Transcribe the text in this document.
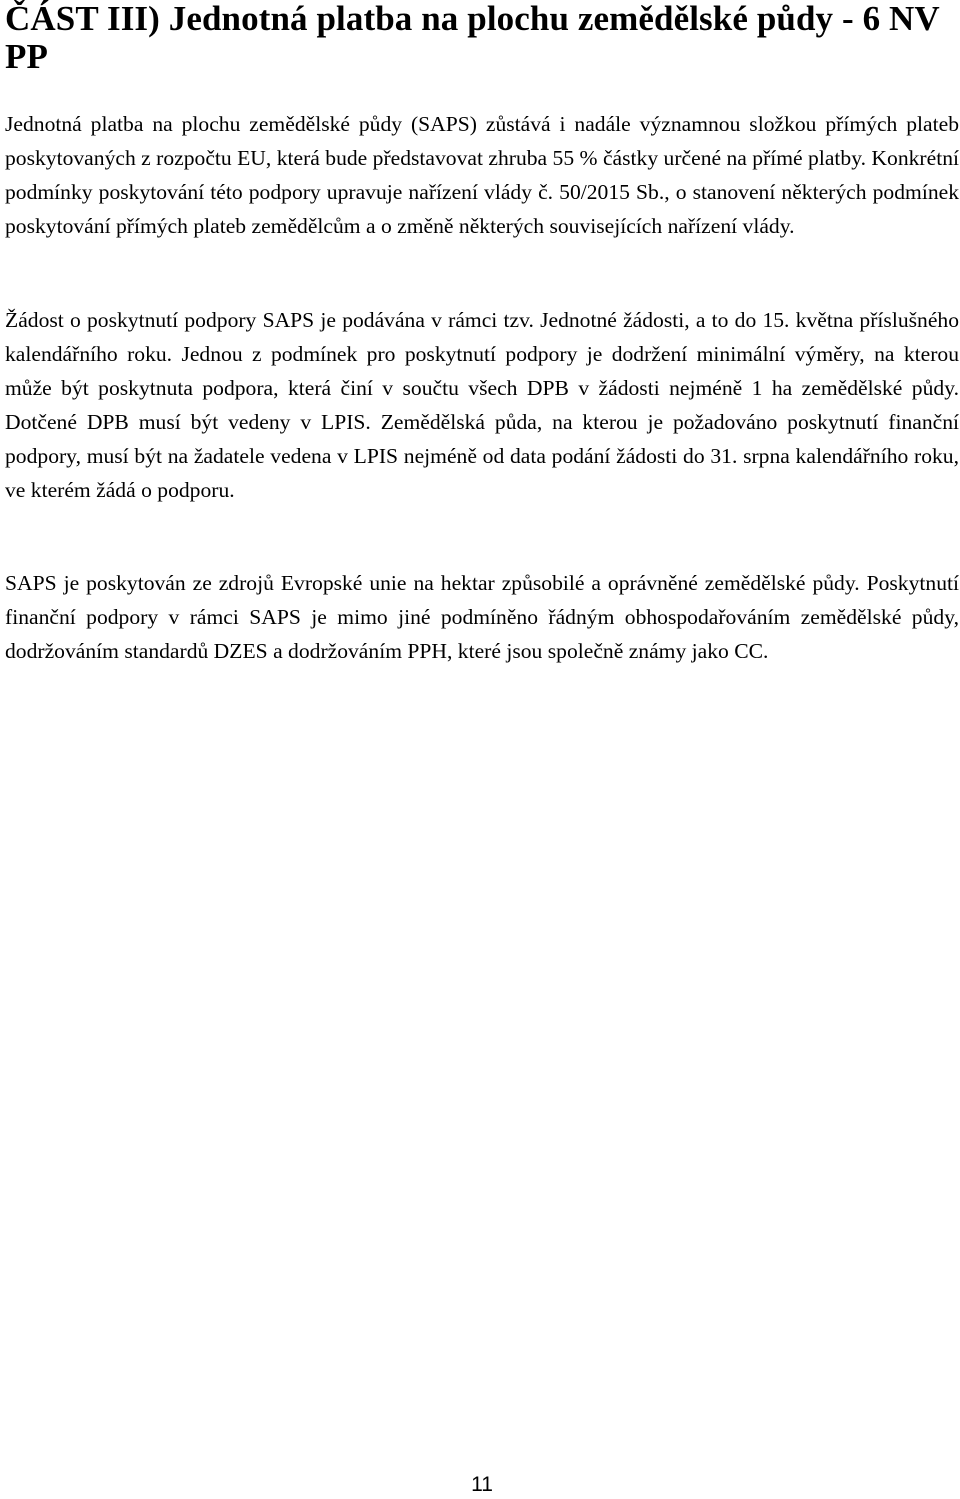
ČÁST III) Jednotná platba na plochu zemědělské půdy - 6 NV PP

Jednotná platba na plochu zemědělské půdy (SAPS) zůstává i nadále významnou složkou přímých plateb poskytovaných z rozpočtu EU, která bude představovat zhruba 55 % částky určené na přímé platby. Konkrétní podmínky poskytování této podpory upravuje nařízení vlády č. 50/2015 Sb., o stanovení některých podmínek poskytování přímých plateb zemědělcům a o změně některých souvisejících nařízení vlády.

Žádost o poskytnutí podpory SAPS je podávána v rámci tzv. Jednotné žádosti, a to do 15. května příslušného kalendářního roku. Jednou z podmínek pro poskytnutí podpory je dodržení minimální výměry, na kterou může být poskytnuta podpora, která činí v součtu všech DPB v žádosti nejméně 1 ha zemědělské půdy. Dotčené DPB musí být vedeny v LPIS. Zemědělská půda, na kterou je požadováno poskytnutí finanční podpory, musí být na žadatele vedena v LPIS nejméně od data podání žádosti do 31. srpna kalendářního roku, ve kterém žádá o podporu.

SAPS je poskytován ze zdrojů Evropské unie na hektar způsobilé a oprávněné zemědělské půdy. Poskytnutí finanční podpory v rámci SAPS je mimo jiné podmíněno řádným obhospodařováním zemědělské půdy, dodržováním standardů DZES a dodržováním PPH, které jsou společně známy jako CC.

11
